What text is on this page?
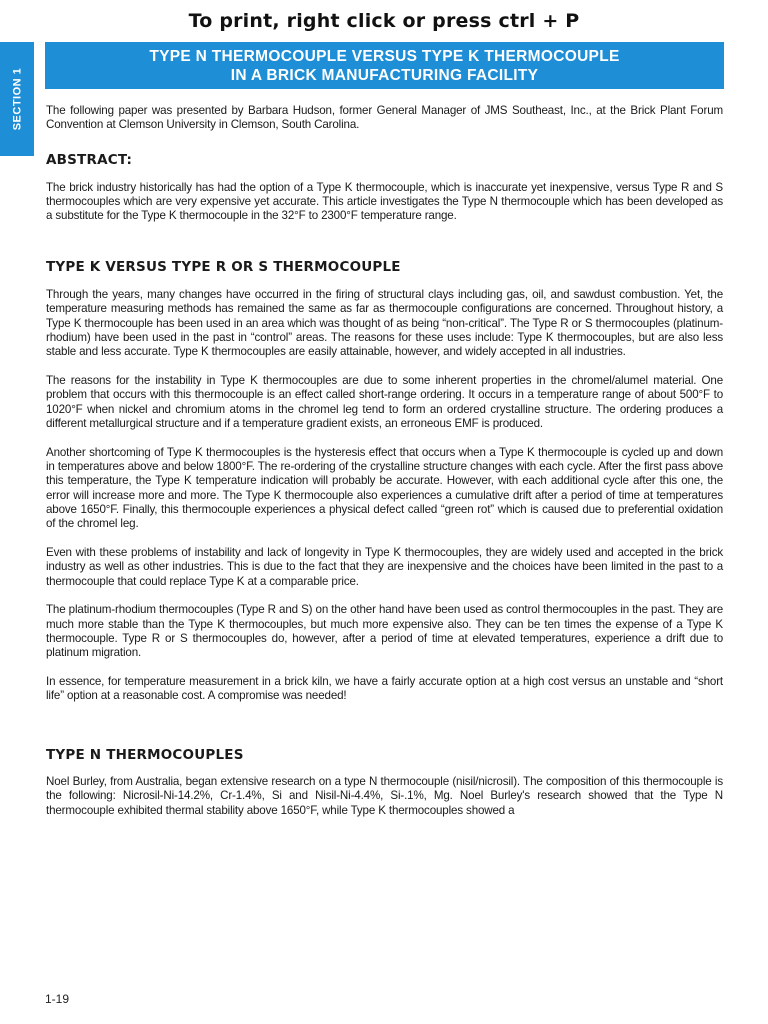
To print, right click or press ctrl + P
SECTION 1
TYPE N THERMOCOUPLE VERSUS TYPE K THERMOCOUPLE
IN A BRICK MANUFACTURING FACILITY

The following paper was presented by Barbara Hudson, former General Manager of JMS Southeast, Inc., at the Brick Plant Forum Convention at Clemson University in Clemson, South Carolina.

ABSTRACT:

The brick industry historically has had the option of a Type K thermocouple, which is inaccurate yet inexpensive, versus Type R and S thermocouples which are very expensive yet accurate. This article investigates the Type N thermocouple which has been developed as a substitute for the Type K thermocouple in the 32°F to 2300°F temperature range.

TYPE K VERSUS TYPE R OR S THERMOCOUPLE

Through the years, many changes have occurred in the firing of structural clays including gas, oil, and sawdust combustion. Yet, the temperature measuring methods has remained the same as far as thermocouple configurations are concerned. Throughout history, a Type K thermocouple has been used in an area which was thought of as being “non-critical”. The Type R or S thermocouples (platinum-rhodium) have been used in the past in “control” areas. The reasons for these uses include: Type K thermocouples, but are also less stable and less accurate. Type K thermocouples are easily attainable, however, and widely accepted in all industries.

The reasons for the instability in Type K thermocouples are due to some inherent properties in the chromel/alumel material. One problem that occurs with this thermocouple is an effect called short-range ordering. It occurs in a temperature range of about 500°F to 1020°F when nickel and chromium atoms in the chromel leg tend to form an ordered crystalline structure. The ordering produces a different metallurgical structure and if a temperature gradient exists, an erroneous EMF is produced.

Another shortcoming of Type K thermocouples is the hysteresis effect that occurs when a Type K thermocouple is cycled up and down in temperatures above and below 1800°F. The re-ordering of the crystalline structure changes with each cycle. After the first pass above this temperature, the Type K temperature indication will probably be accurate. However, with each additional cycle after this one, the error will increase more and more. The Type K thermocouple also experiences a cumulative drift after a period of time at temperatures above 1650°F. Finally, this thermocouple experiences a physical defect called “green rot” which is caused due to preferential oxidation of the chromel leg.

Even with these problems of instability and lack of longevity in Type K thermocouples, they are widely used and accepted in the brick industry as well as other industries. This is due to the fact that they are inexpensive and the choices have been limited in the past to a thermocouple that could replace Type K at a comparable price.

The platinum-rhodium thermocouples (Type R and S) on the other hand have been used as control thermocouples in the past. They are much more stable than the Type K thermocouples, but much more expensive also. They can be ten times the expense of a Type K thermocouple. Type R or S thermocouples do, however, after a period of time at elevated temperatures, experience a drift due to platinum migration.

In essence, for temperature measurement in a brick kiln, we have a fairly accurate option at a high cost versus an unstable and “short life” option at a reasonable cost. A compromise was needed!

TYPE N THERMOCOUPLES

Noel Burley, from Australia, began extensive research on a type N thermocouple (nisil/nicrosil). The composition of this thermocouple is the following: Nicrosil-Ni-14.2%, Cr-1.4%, Si and Nisil-Ni-4.4%, Si-.1%, Mg. Noel Burley's research showed that the Type N thermocouple exhibited thermal stability above 1650°F, while Type K thermocouples showed a

1-19
